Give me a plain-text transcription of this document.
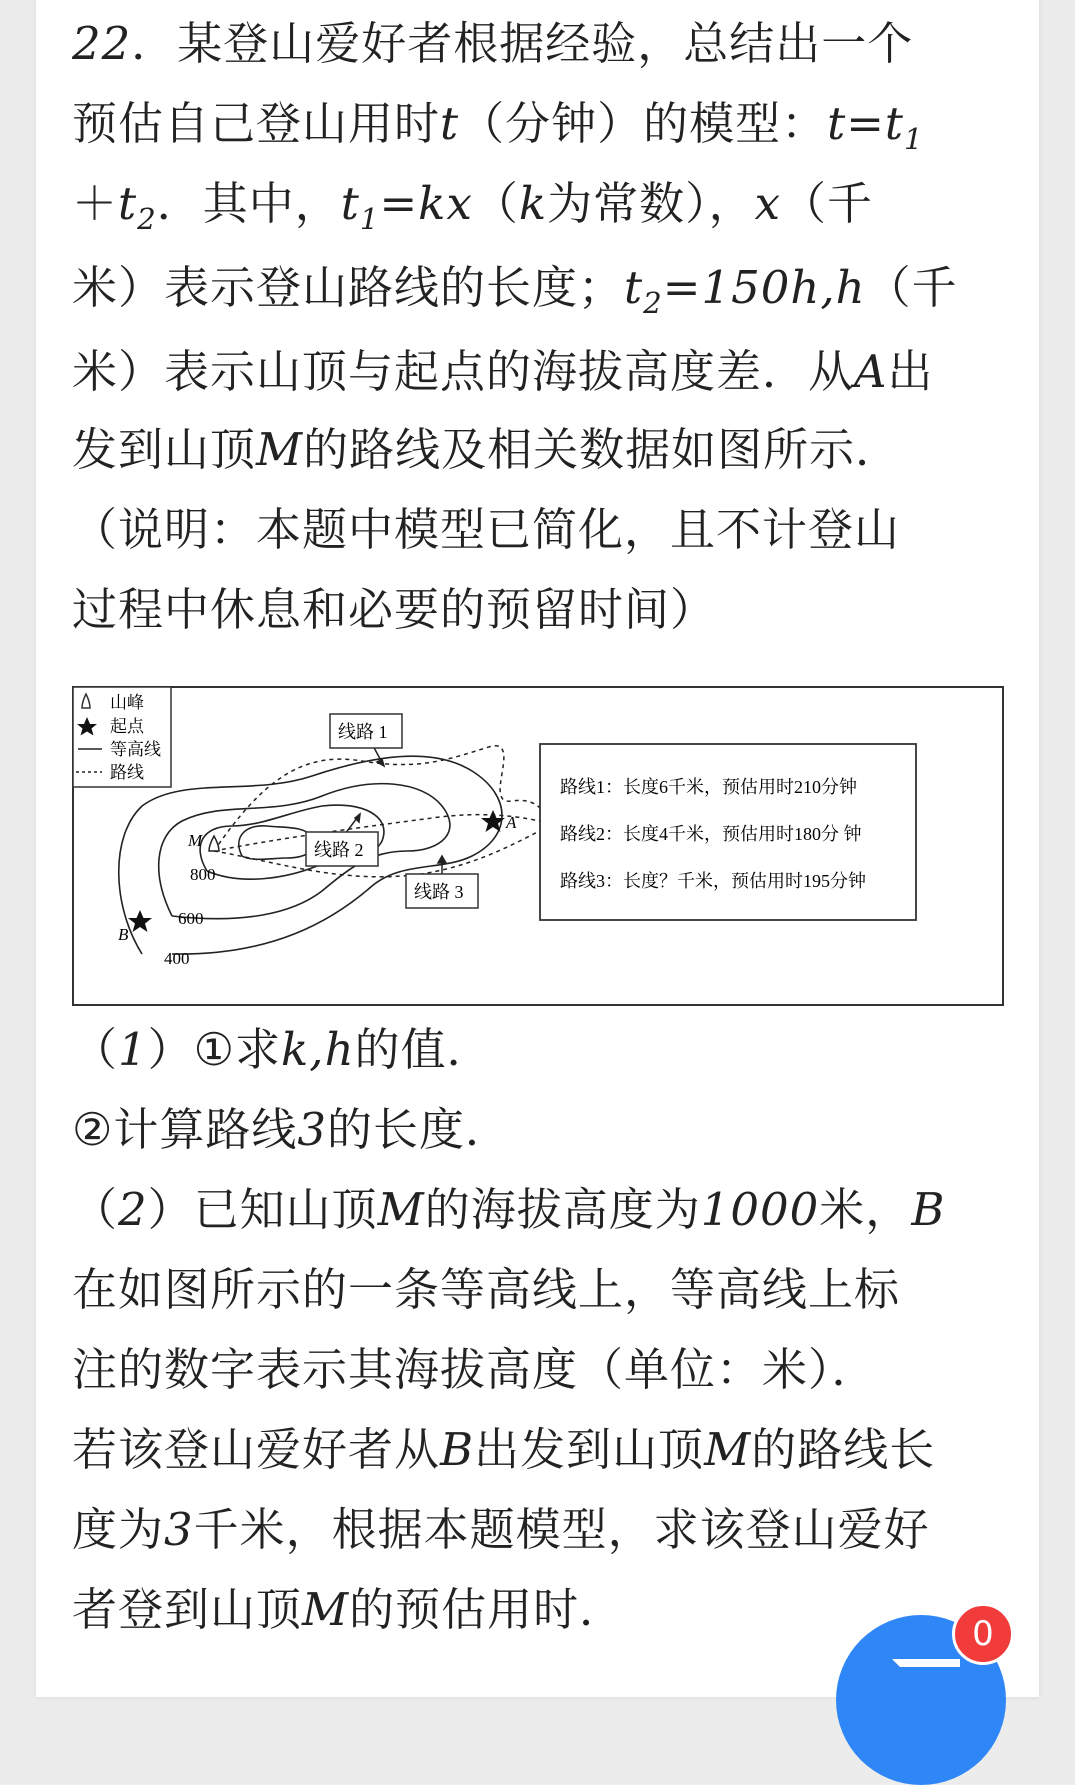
22．某登山爱好者根据经验，总结出一个
预估自己登山用时t（分钟）的模型：$t=t_1$
$+t_2$．其中，$t_1=kx(k$为常数），x（千
米）表示登山路线的长度；$t_2=150h,h$（千
米）表示山顶与起点的海拔高度差．从A出
发到山顶M的路线及相关数据如图所示．
（说明：本题中模型已简化，且不计登山
过程中休息和必要的预留时间）
山峰
起点
等高线
路线
线路 1
线路 2
线路 3
M
A
B
800
600
400
路线1：长度6千米，预估用时210分钟
路线2：长度4千米，预估用时180分 钟
路线3：长度？千米，预估用时195分钟
（1）①求k,h的值．
②计算路线3的长度．
（2）已知山顶M的海拔高度为1000米，B
在如图所示的一条等高线上，等高线上标
注的数字表示其海拔高度（单位：米）．
若该登山爱好者从B出发到山顶M的路线长
度为3千米，根据本题模型，求该登山爱好
者登到山顶M的预估用时．	0
